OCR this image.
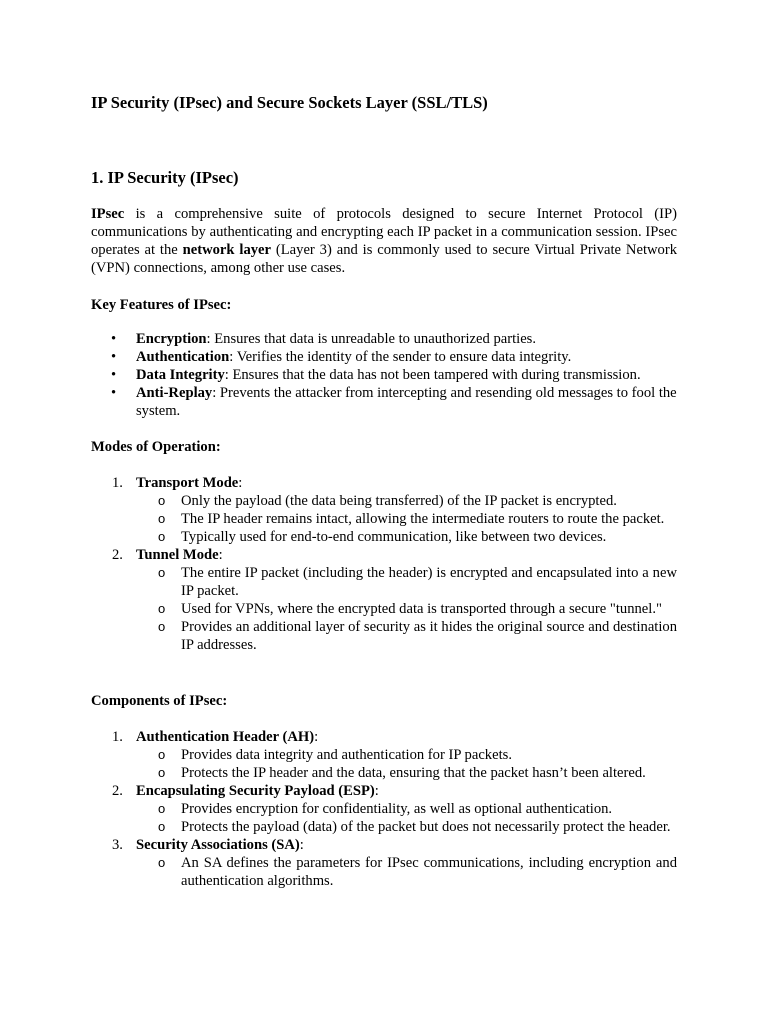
IP Security (IPsec) and Secure Sockets Layer (SSL/TLS)
1. IP Security (IPsec)

IPsec is a comprehensive suite of protocols designed to secure Internet Protocol (IP) communications by authenticating and encrypting each IP packet in a communication session. IPsec operates at the network layer (Layer 3) and is commonly used to secure Virtual Private Network (VPN) connections, among other use cases.

Key Features of IPsec:

• Encryption: Ensures that data is unreadable to unauthorized parties.
• Authentication: Verifies the identity of the sender to ensure data integrity.
• Data Integrity: Ensures that the data has not been tampered with during transmission.
• Anti-Replay: Prevents the attacker from intercepting and resending old messages to fool the system.

Modes of Operation:

1. Transport Mode:
o Only the payload (the data being transferred) of the IP packet is encrypted.
o The IP header remains intact, allowing the intermediate routers to route the packet.
o Typically used for end-to-end communication, like between two devices.
2. Tunnel Mode:
o The entire IP packet (including the header) is encrypted and encapsulated into a new IP packet.
o Used for VPNs, where the encrypted data is transported through a secure "tunnel."
o Provides an additional layer of security as it hides the original source and destination IP addresses.

Components of IPsec:

1. Authentication Header (AH):
o Provides data integrity and authentication for IP packets.
o Protects the IP header and the data, ensuring that the packet hasn’t been altered.
2. Encapsulating Security Payload (ESP):
o Provides encryption for confidentiality, as well as optional authentication.
o Protects the payload (data) of the packet but does not necessarily protect the header.
3. Security Associations (SA):
o An SA defines the parameters for IPsec communications, including encryption and authentication algorithms.
